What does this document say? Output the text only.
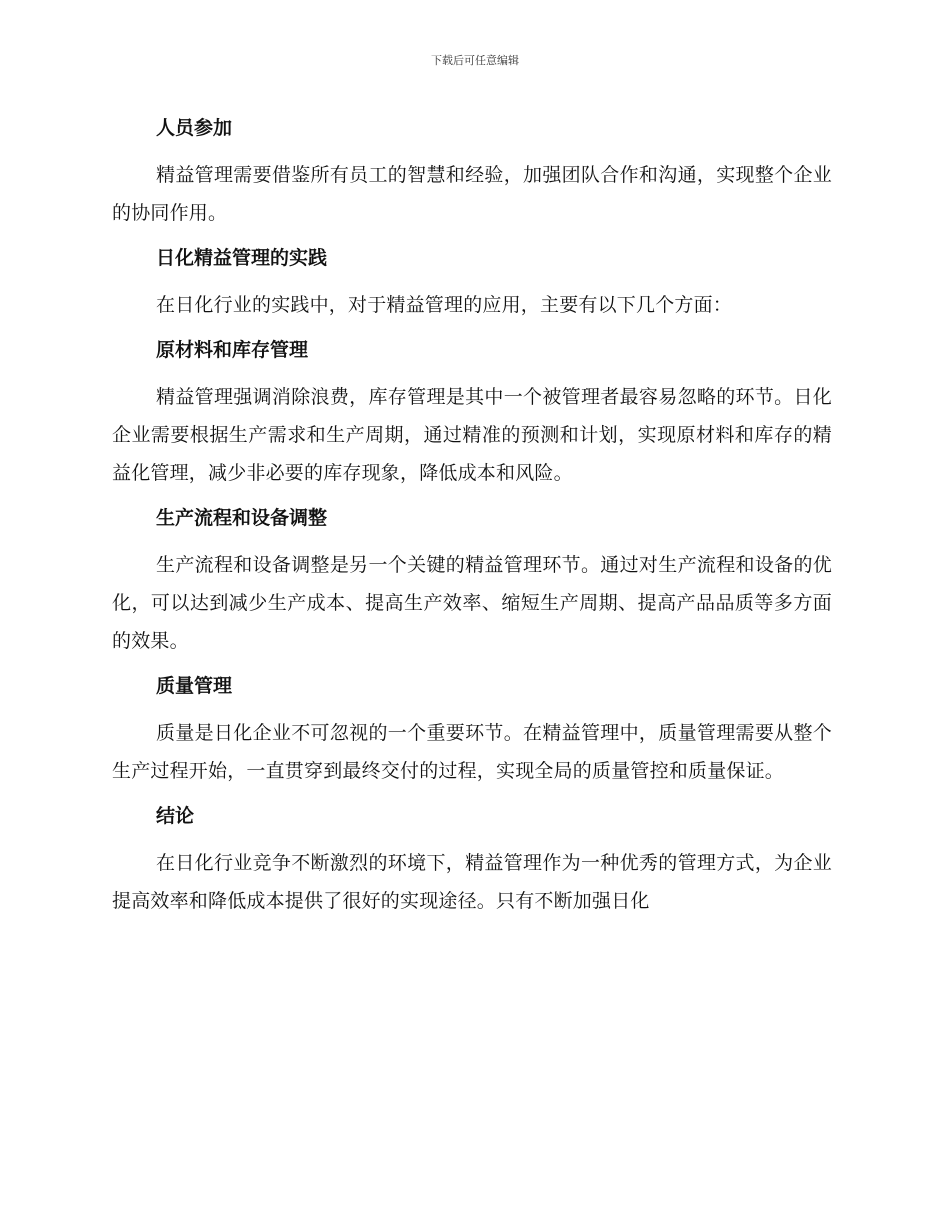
下载后可任意编辑
人员参加

精益管理需要借鉴所有员工的智慧和经验，加强团队合作和沟通，实现整个企业的协同作用。

日化精益管理的实践

在日化行业的实践中，对于精益管理的应用，主要有以下几个方面：

原材料和库存管理

精益管理强调消除浪费，库存管理是其中一个被管理者最容易忽略的环节。日化企业需要根据生产需求和生产周期，通过精准的预测和计划，实现原材料和库存的精益化管理，减少非必要的库存现象，降低成本和风险。

生产流程和设备调整

生产流程和设备调整是另一个关键的精益管理环节。通过对生产流程和设备的优化，可以达到减少生产成本、提高生产效率、缩短生产周期、提高产品品质等多方面的效果。

质量管理

质量是日化企业不可忽视的一个重要环节。在精益管理中，质量管理需要从整个生产过程开始，一直贯穿到最终交付的过程，实现全局的质量管控和质量保证。

结论

在日化行业竞争不断激烈的环境下，精益管理作为一种优秀的管理方式，为企业提高效率和降低成本提供了很好的实现途径。只有不断加强日化
